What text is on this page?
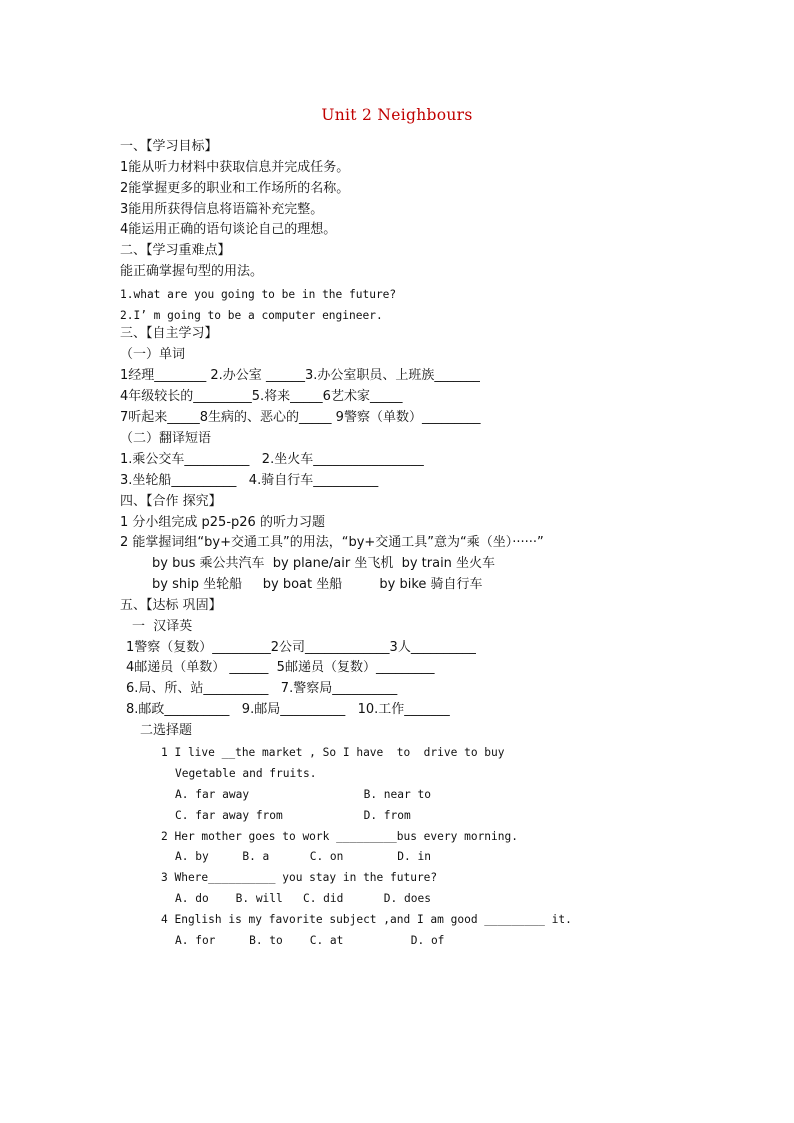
Unit 2 Neighbours
一、【学习目标】
1能从听力材料中获取信息并完成任务。
2能掌握更多的职业和工作场所的名称。
3能用所获得信息将语篇补充完整。
4能运用正确的语句谈论自己的理想。
二、【学习重难点】
能正确掌握句型的用法。
1.what are you going to be in the future?
2.I’ m going to be a computer engineer.
三、【自主学习】
（一）单词
1经理________ 2.办公室 ______3.办公室职员、上班族_______
4年级较长的_________5.将来_____6艺术家_____
7听起来_____8生病的、恶心的_____ 9警察（单数）_________
（二）翻译短语
1.乘公交车__________   2.坐火车_________________
3.坐轮船__________   4.骑自行车__________
四、【合作 探究】
1 分小组完成 p25-p26 的听力习题
2 能掌握词组“by+交通工具”的用法，“by+交通工具”意为“乘（坐）······”
by bus 乘公共汽车  by plane/air 坐飞机  by train 坐火车
by ship 坐轮船     by boat 坐船         by bike 骑自行车
五、【达标 巩固】
一  汉译英
1警察（复数）_________2公司_____________3人__________
4邮递员（单数） ______  5邮递员（复数）_________
6.局、所、站__________   7.警察局__________
8.邮政__________   9.邮局__________   10.工作_______
二选择题
1 I live __the market , So I have  to  drive to buy
Vegetable and fruits.
A. far away                 B. near to
C. far away from            D. from
2 Her mother goes to work _________bus every morning.
A. by     B. a      C. on        D. in
3 Where__________ you stay in the future?
A. do    B. will   C. did      D. does
4 English is my favorite subject ,and I am good _________ it.
A. for     B. to    C. at          D. of
